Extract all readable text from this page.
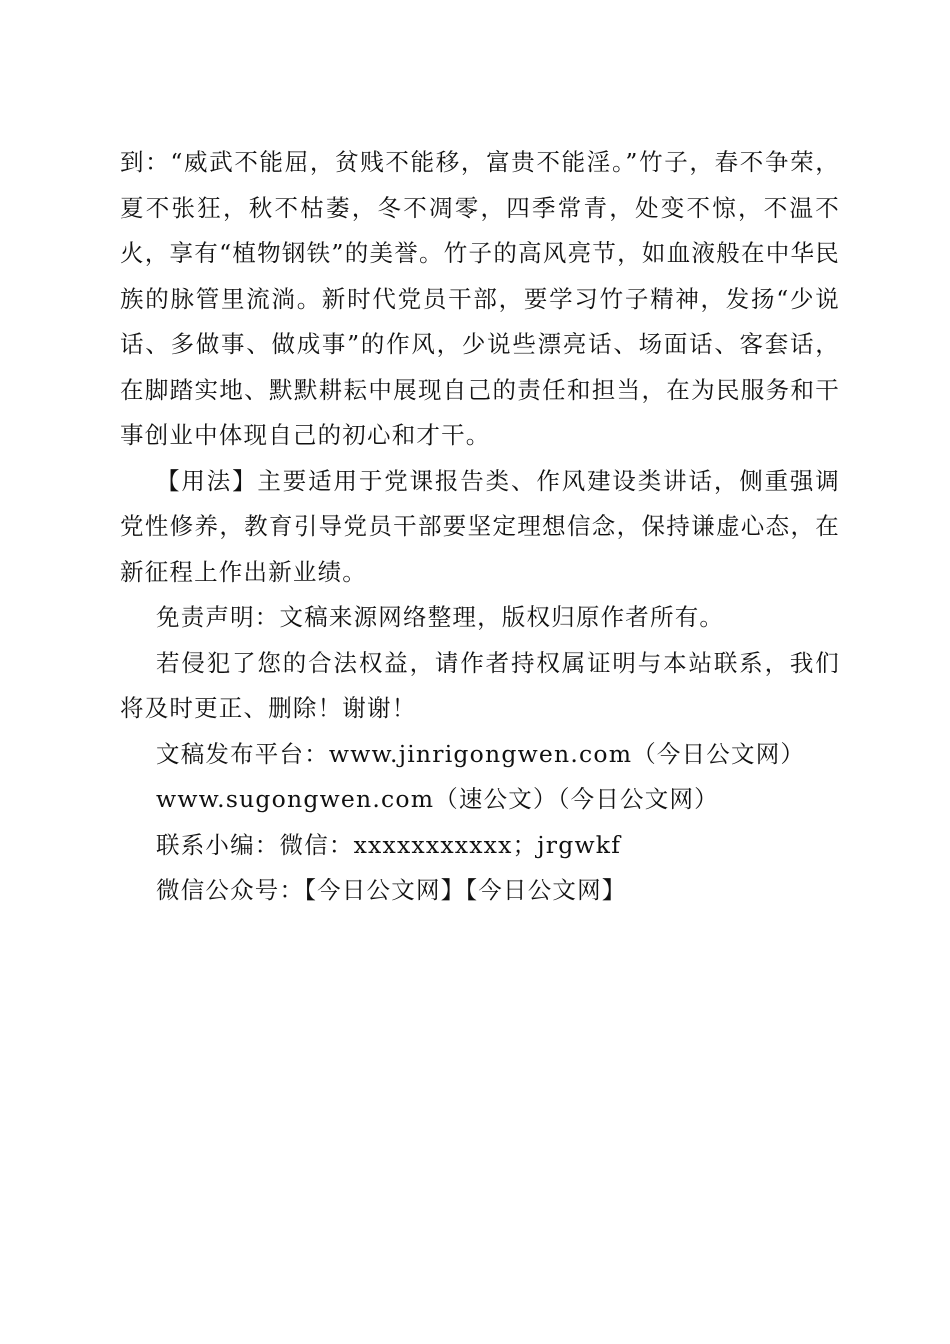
到：“威武不能屈，贫贱不能移，富贵不能淫。”竹子，春不争荣，夏不张狂，秋不枯萎，冬不凋零，四季常青，处变不惊，不温不火，享有“植物钢铁”的美誉。竹子的高风亮节，如血液般在中华民族的脉管里流淌。新时代党员干部，要学习竹子精神，发扬“少说话、多做事、做成事”的作风，少说些漂亮话、场面话、客套话，在脚踏实地、默默耕耘中展现自己的责任和担当，在为民服务和干事创业中体现自己的初心和才干。

【用法】主要适用于党课报告类、作风建设类讲话，侧重强调党性修养，教育引导党员干部要坚定理想信念，保持谦虚心态，在新征程上作出新业绩。

免责声明：文稿来源网络整理，版权归原作者所有。

若侵犯了您的合法权益，请作者持权属证明与本站联系，我们将及时更正、删除！谢谢！

文稿发布平台：www.jinrigongwen.com（今日公文网）

www.sugongwen.com（速公文）（今日公文网）

联系小编：微信：xxxxxxxxxxx；jrgwkf

微信公众号：【今日公文网】【今日公文网】
